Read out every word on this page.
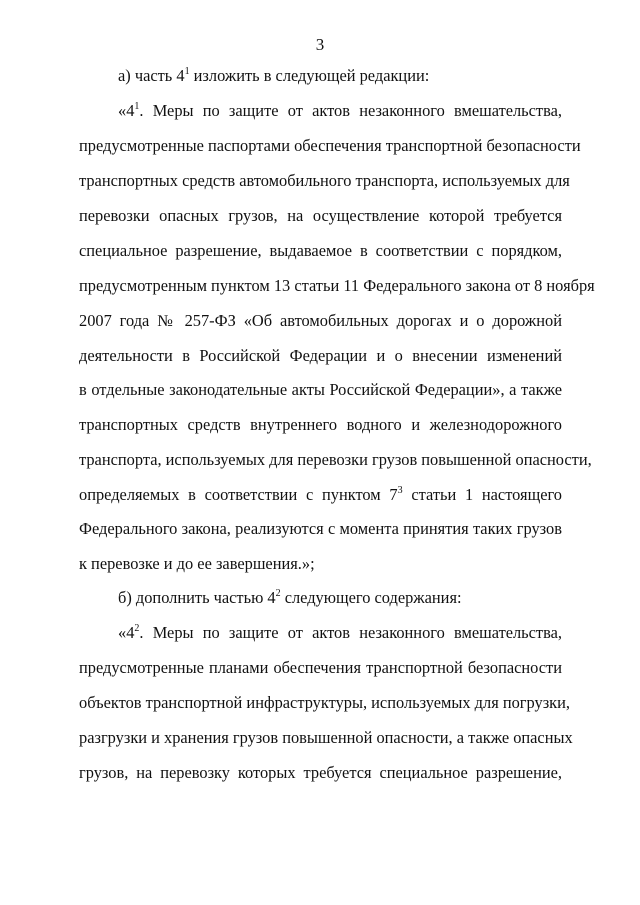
3
а) часть $4^1$ изложить в следующей редакции:
«$4^1$. Меры по защите от актов незаконного вмешательства,
предусмотренные паспортами обеспечения транспортной безопасности
транспортных средств автомобильного транспорта, используемых для
перевозки опасных грузов, на осуществление которой требуется
специальное разрешение, выдаваемое в соответствии с порядком,
предусмотренным пунктом 13 статьи 11 Федерального закона от 8 ноября
2007 года № 257-ФЗ «Об автомобильных дорогах и о дорожной
деятельности в Российской Федерации и о внесении изменений
в отдельные законодательные акты Российской Федерации», а также
транспортных средств внутреннего водного и железнодорожного
транспорта, используемых для перевозки грузов повышенной опасности,
определяемых в соответствии с пунктом $7^3$ статьи 1 настоящего
Федерального закона, реализуются с момента принятия таких грузов
к перевозке и до ее завершения.»;
б) дополнить частью $4^2$ следующего содержания:
«$4^2$. Меры по защите от актов незаконного вмешательства,
предусмотренные планами обеспечения транспортной безопасности
объектов транспортной инфраструктуры, используемых для погрузки,
разгрузки и хранения грузов повышенной опасности, а также опасных
грузов, на перевозку которых требуется специальное разрешение,
